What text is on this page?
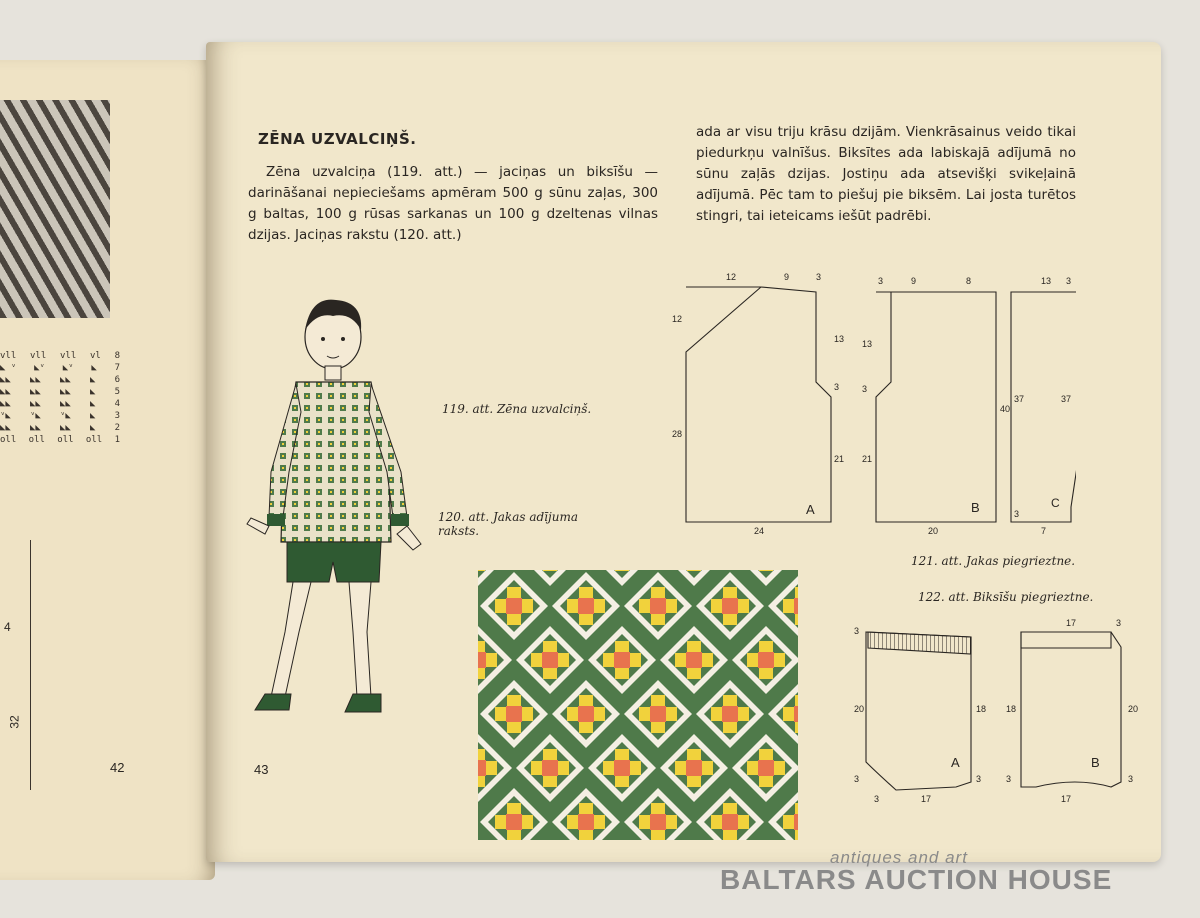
vll vll vll vl 8
◣ ᵛ ◣ᵛ ◣ᵛ ◣ 7
◣◣ ◣◣ ◣◣ ◣ 6
◣◣ ◣◣ ◣◣ ◣ 5
◣◣ ◣◣ ◣◣ ◣ 4
ᵛ◣ ᵛ◣ ᵛ◣ ◣ 3
◣◣ ◣◣ ◣◣ ◣ 2
oll oll oll oll 1
4
32
42
ZĒNA UZVALCIŅŠ.
Zēna uzvalciņa (119. att.) — jaciņas un biksīšu — darināšanai nepieciešams apmēram 500 g sūnu zaļas, 300 g baltas, 100 g rūsas sarkanas un 100 g dzeltenas vilnas dzijas. Jaciņas rakstu (120. att.)
ada ar visu triju krāsu dzijām. Vienkrāsainus veido tikai piedurkņu valnīšus. Biksītes ada labiskajā adījumā no sūnu zaļās dzijas. Jostiņu ada atsevišķi svikeļainā adījumā. Pēc tam to piešuj pie biksēm. Lai josta turētos stingri, tai ieteicams iešūt padrēbi.
119. att. Zēna uzvalciņš.
120. att. Jakas adījuma raksts.
12	9	3
12
28
13
3
21
24
A
3	9	8
13
3
21
40
20
B
13 3
37	37
3
7
C
121. att. Jakas piegrieztne.
122. att. Biksīšu piegrieztne.
3
20	18
3
17
3
3
A
17	3
18	20
17
3
3
B
43
antiques and art
BALTARS AUCTION HOUSE
